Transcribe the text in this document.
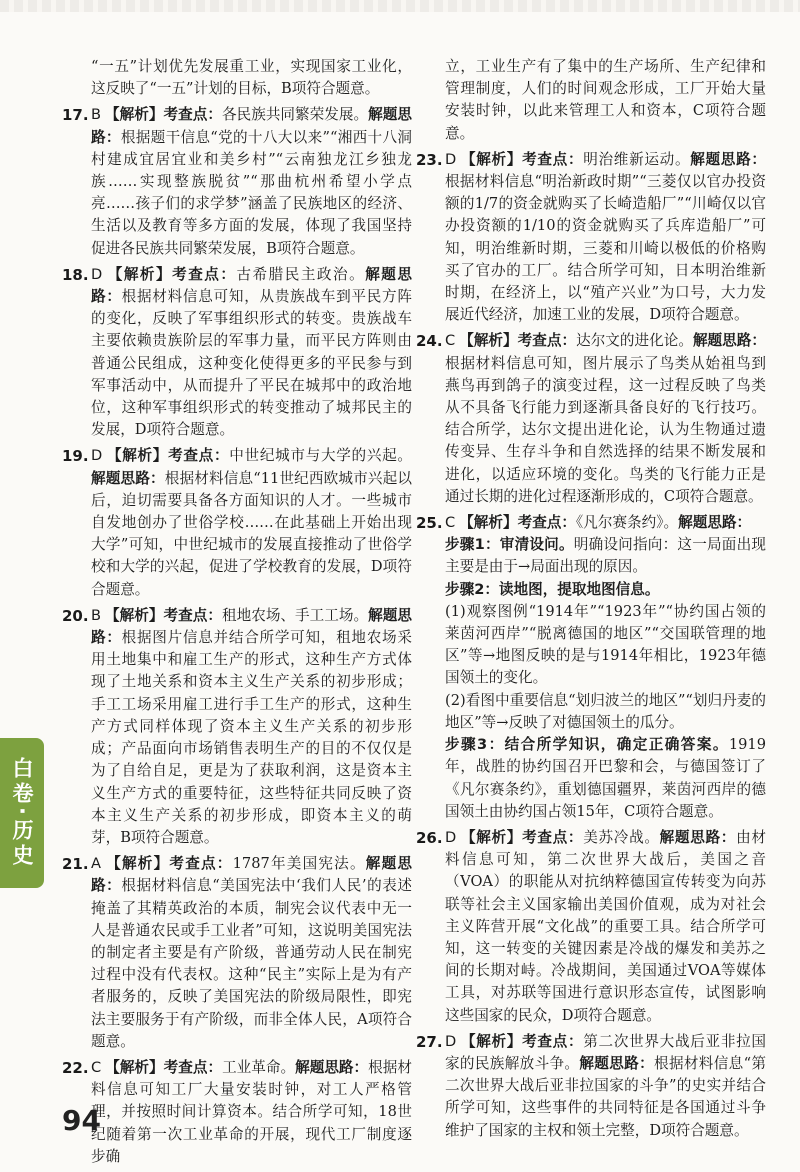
“一五”计划优先发展重工业，实现国家工业化，这反映了“一五”计划的目标，B项符合题意。

17. B 【解析】考查点：各民族共同繁荣发展。解题思路：根据题干信息“党的十八大以来”“湘西十八洞村建成宜居宜业和美乡村”“云南独龙江乡独龙族……实现整族脱贫”“那曲杭州希望小学点亮……孩子们的求学梦”涵盖了民族地区的经济、生活以及教育等多方面的发展，体现了我国坚持促进各民族共同繁荣发展，B项符合题意。

18. D 【解析】考查点：古希腊民主政治。解题思路：根据材料信息可知，从贵族战车到平民方阵的变化，反映了军事组织形式的转变。贵族战车主要依赖贵族阶层的军事力量，而平民方阵则由普通公民组成，这种变化使得更多的平民参与到军事活动中，从而提升了平民在城邦中的政治地位，这种军事组织形式的转变推动了城邦民主的发展，D项符合题意。

19. D 【解析】考查点：中世纪城市与大学的兴起。解题思路：根据材料信息“11世纪西欧城市兴起以后，迫切需要具备各方面知识的人才。一些城市自发地创办了世俗学校……在此基础上开始出现大学”可知，中世纪城市的发展直接推动了世俗学校和大学的兴起，促进了学校教育的发展，D项符合题意。

20. B 【解析】考查点：租地农场、手工工场。解题思路：根据图片信息并结合所学可知，租地农场采用土地集中和雇工生产的形式，这种生产方式体现了土地关系和资本主义生产关系的初步形成；手工工场采用雇工进行手工生产的形式，这种生产方式同样体现了资本主义生产关系的初步形成；产品面向市场销售表明生产的目的不仅仅是为了自给自足，更是为了获取利润，这是资本主义生产方式的重要特征，这些特征共同反映了资本主义生产关系的初步形成，即资本主义的萌芽，B项符合题意。

21. A 【解析】考查点：1787年美国宪法。解题思路：根据材料信息“美国宪法中‘我们人民’的表述掩盖了其精英政治的本质，制宪会议代表中无一人是普通农民或手工业者”可知，这说明美国宪法的制定者主要是有产阶级，普通劳动人民在制宪过程中没有代表权。这种“民主”实际上是为有产者服务的，反映了美国宪法的阶级局限性，即宪法主要服务于有产阶级，而非全体人民，A项符合题意。

22. C 【解析】考查点：工业革命。解题思路：根据材料信息可知工厂大量安装时钟，对工人严格管理，并按照时间计算资本。结合所学可知，18世纪随着第一次工业革命的开展，现代工厂制度逐步确

立，工业生产有了集中的生产场所、生产纪律和管理制度，人们的时间观念形成，工厂开始大量安装时钟，以此来管理工人和资本，C项符合题意。

23. D 【解析】考查点：明治维新运动。解题思路：根据材料信息“明治新政时期”“三菱仅以官办投资额的1/7的资金就购买了长崎造船厂”“川崎仅以官办投资额的1/10的资金就购买了兵库造船厂”可知，明治维新时期，三菱和川崎以极低的价格购买了官办的工厂。结合所学可知，日本明治维新时期，在经济上，以“殖产兴业”为口号，大力发展近代经济，加速工业的发展，D项符合题意。

24. C 【解析】考查点：达尔文的进化论。解题思路：根据材料信息可知，图片展示了鸟类从始祖鸟到燕鸟再到鸽子的演变过程，这一过程反映了鸟类从不具备飞行能力到逐渐具备良好的飞行技巧。结合所学，达尔文提出进化论，认为生物通过遗传变异、生存斗争和自然选择的结果不断发展和进化，以适应环境的变化。鸟类的飞行能力正是通过长期的进化过程逐渐形成的，C项符合题意。

25. C 【解析】考查点：《凡尔赛条约》。解题思路：
步骤1：审清设问。明确设问指向：这一局面出现主要是由于→局面出现的原因。
步骤2：读地图，提取地图信息。
(1)观察图例“1914年”“1923年”“协约国占领的莱茵河西岸”“脱离德国的地区”“交国联管理的地区”等→地图反映的是与1914年相比，1923年德国领土的变化。
(2)看图中重要信息“划归波兰的地区”“划归丹麦的地区”等→反映了对德国领土的瓜分。
步骤3：结合所学知识，确定正确答案。1919年，战胜的协约国召开巴黎和会，与德国签订了《凡尔赛条约》，重划德国疆界，莱茵河西岸的德国领土由协约国占领15年，C项符合题意。

26. D 【解析】考查点：美苏冷战。解题思路：由材料信息可知，第二次世界大战后，美国之音（VOA）的职能从对抗纳粹德国宣传转变为向苏联等社会主义国家输出美国价值观，成为对社会主义阵营开展“文化战”的重要工具。结合所学可知，这一转变的关键因素是冷战的爆发和美苏之间的长期对峙。冷战期间，美国通过VOA等媒体工具，对苏联等国进行意识形态宣传，试图影响这些国家的民众，D项符合题意。

27. D 【解析】考查点：第二次世界大战后亚非拉国家的民族解放斗争。解题思路：根据材料信息“第二次世界大战后亚非拉国家的斗争”的史实并结合所学可知，这些事件的共同特征是各国通过斗争维护了国家的主权和领土完整，D项符合题意。

白卷·历史
94
